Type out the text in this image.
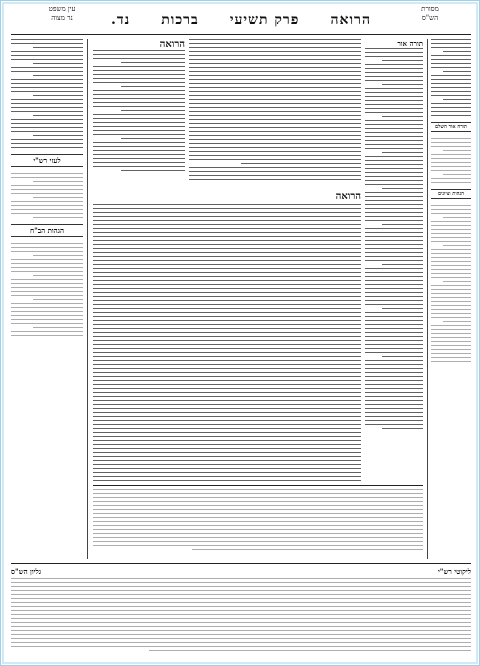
עין משפט
נר מצוה
מסורת
הש"ס
הרואה
פרק תשיעי
ברכות
נד.
לעזי רש"י
הגהות הב"ח
הרואה
הרואה
תורה אור
תורה אור השלם
הגהות וציונים
ליקוטי רש"י
גליון הש"ס
